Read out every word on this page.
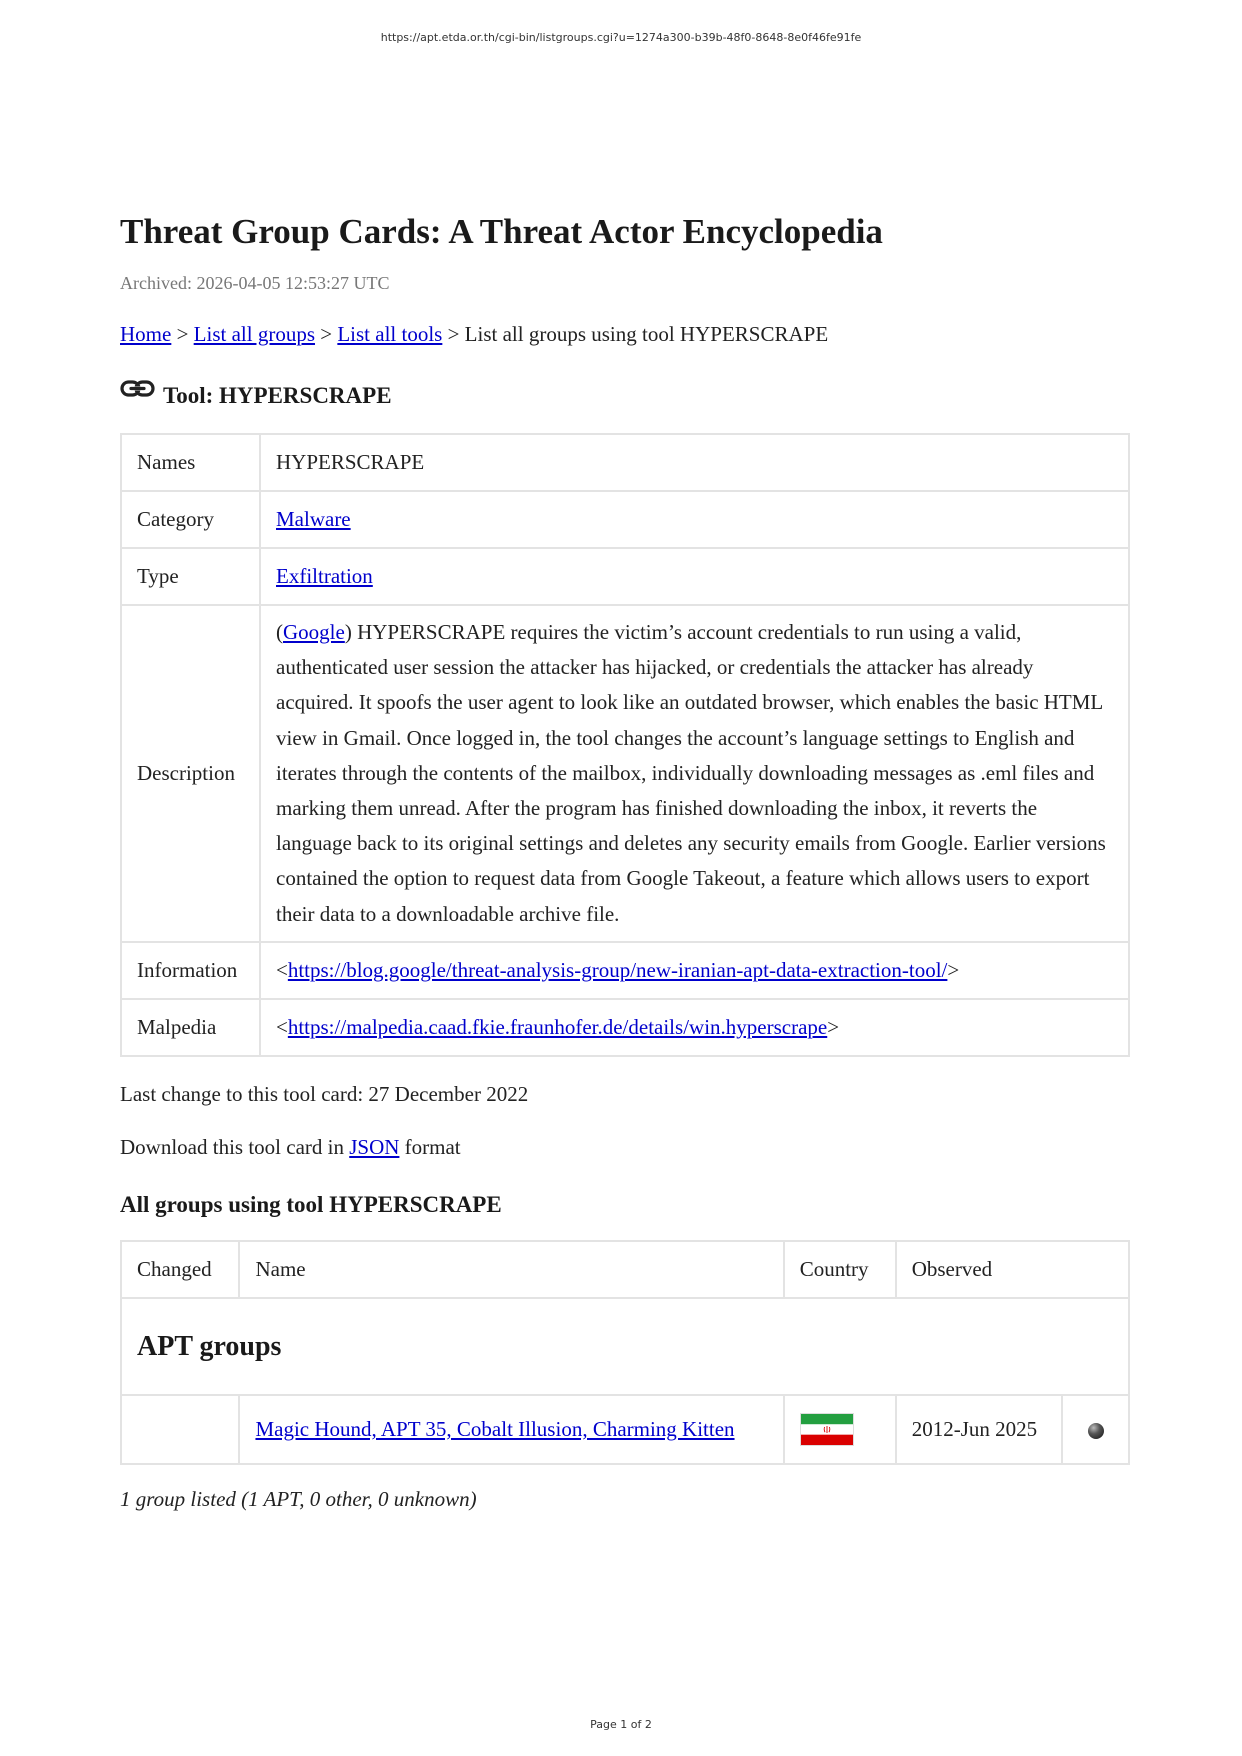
https://apt.etda.or.th/cgi-bin/listgroups.cgi?u=1274a300-b39b-48f0-8648-8e0f46fe91fe
Threat Group Cards: A Threat Actor Encyclopedia
Archived: 2026-04-05 12:53:27 UTC
Home > List all groups > List all tools > List all groups using tool HYPERSCRAPE
Tool: HYPERSCRAPE
Names	HYPERSCRAPE
Category	Malware
Type	Exfiltration
Description	(Google) HYPERSCRAPE requires the victim’s account credentials to run using a valid, authenticated user session the attacker has hijacked, or credentials the attacker has already acquired. It spoofs the user agent to look like an outdated browser, which enables the basic HTML view in Gmail. Once logged in, the tool changes the account’s language settings to English and iterates through the contents of the mailbox, individually downloading messages as .eml files and marking them unread. After the program has finished downloading the inbox, it reverts the language back to its original settings and deletes any security emails from Google. Earlier versions contained the option to request data from Google Takeout, a feature which allows users to export their data to a downloadable archive file.
Information	<https://blog.google/threat-analysis-group/new-iranian-apt-data-extraction-tool/>
Malpedia	<https://malpedia.caad.fkie.fraunhofer.de/details/win.hyperscrape>
Last change to this tool card: 27 December 2022
Download this tool card in JSON format
All groups using tool HYPERSCRAPE
Changed	Name	Country	Observed	
APT groups				
	Magic Hound, APT 35, Cobalt Illusion, Charming Kitten		2012-Jun 2025	
1 group listed (1 APT, 0 other, 0 unknown)
Page 1 of 2
